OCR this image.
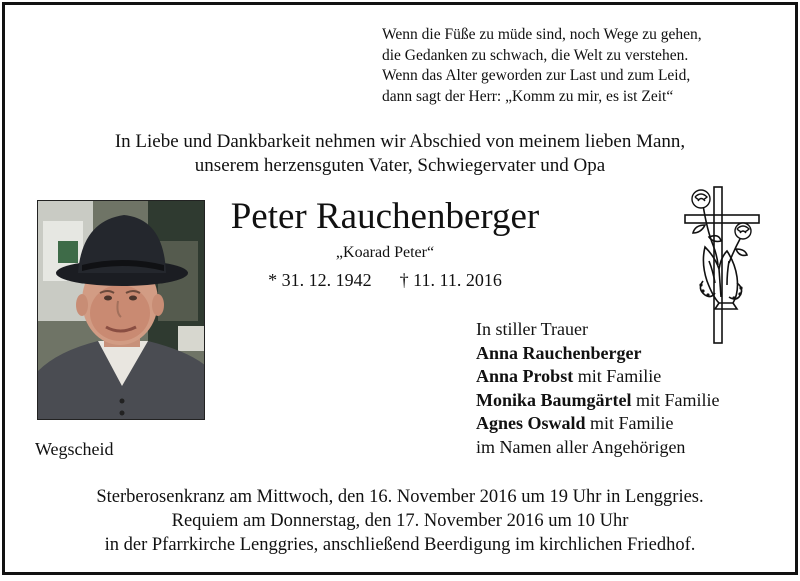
Wenn die Füße zu müde sind, noch Wege zu gehen,
die Gedanken zu schwach, die Welt zu verstehen.
Wenn das Alter geworden zur Last und zum Leid,
dann sagt der Herr: „Komm zu mir, es ist Zeit“
In Liebe und Dankbarkeit nehmen wir Abschied von meinem lieben Mann,
unserem herzensguten Vater, Schwiegervater und Opa
Peter Rauchenberger
„Koarad Peter“
* 31. 12. 1942 † 11. 11. 2016
In stiller Trauer
Anna Rauchenberger
Anna Probst mit Familie
Monika Baumgärtel mit Familie
Agnes Oswald mit Familie
im Namen aller Angehörigen
Wegscheid
Sterberosenkranz am Mittwoch, den 16. November 2016 um 19 Uhr in Lenggries.
Requiem am Donnerstag, den 17. November 2016 um 10 Uhr
in der Pfarrkirche Lenggries, anschließend Beerdigung im kirchlichen Friedhof.
